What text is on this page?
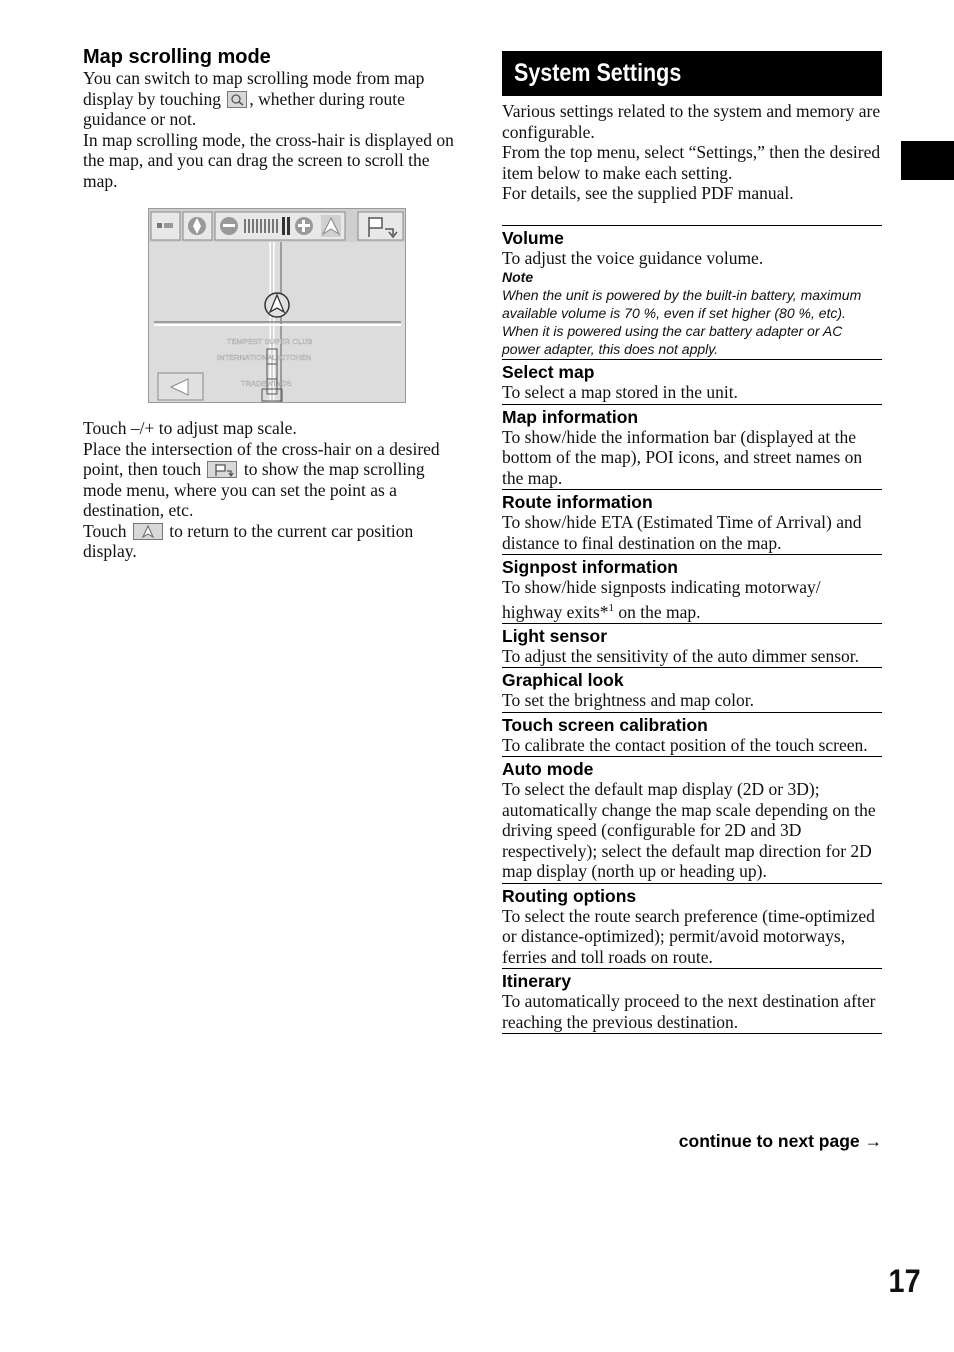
Map scrolling mode
You can switch to map scrolling mode from map display by touching , whether during route guidance or not.
In map scrolling mode, the cross-hair is displayed on the map, and you can drag the screen to scroll the map.
TEMPEST SUPER CLUB
INTERNATIONAL KITCHEN
TRADEWINDS
Touch –/+ to adjust map scale.
Place the intersection of the cross-hair on a desired point, then touch to show the map scrolling mode menu, where you can set the point as a destination, etc.
Touch to return to the current car position display.
System Settings
Various settings related to the system and memory are configurable.
From the top menu, select “Settings,” then the desired item below to make each setting.
For details, see the supplied PDF manual.
Volume
To adjust the voice guidance volume.
Note
When the unit is powered by the built-in battery, maximum available volume is 70 %, even if set higher (80 %, etc). When it is powered using the car battery adapter or AC power adapter, this does not apply.
Select map
To select a map stored in the unit.
Map information
To show/hide the information bar (displayed at the bottom of the map), POI icons, and street names on the map.
Route information
To show/hide ETA (Estimated Time of Arrival) and distance to final destination on the map.
Signpost information
To show/hide signposts indicating motorway/ highway exits*$^1$ on the map.
Light sensor
To adjust the sensitivity of the auto dimmer sensor.
Graphical look
To set the brightness and map color.
Touch screen calibration
To calibrate the contact position of the touch screen.
Auto mode
To select the default map display (2D or 3D); automatically change the map scale depending on the driving speed (configurable for 2D and 3D respectively); select the default map direction for 2D map display (north up or heading up).
Routing options
To select the route search preference (time-optimized or distance-optimized); permit/avoid motorways, ferries and toll roads on route.
Itinerary
To automatically proceed to the next destination after reaching the previous destination.
continue to next page →
17
